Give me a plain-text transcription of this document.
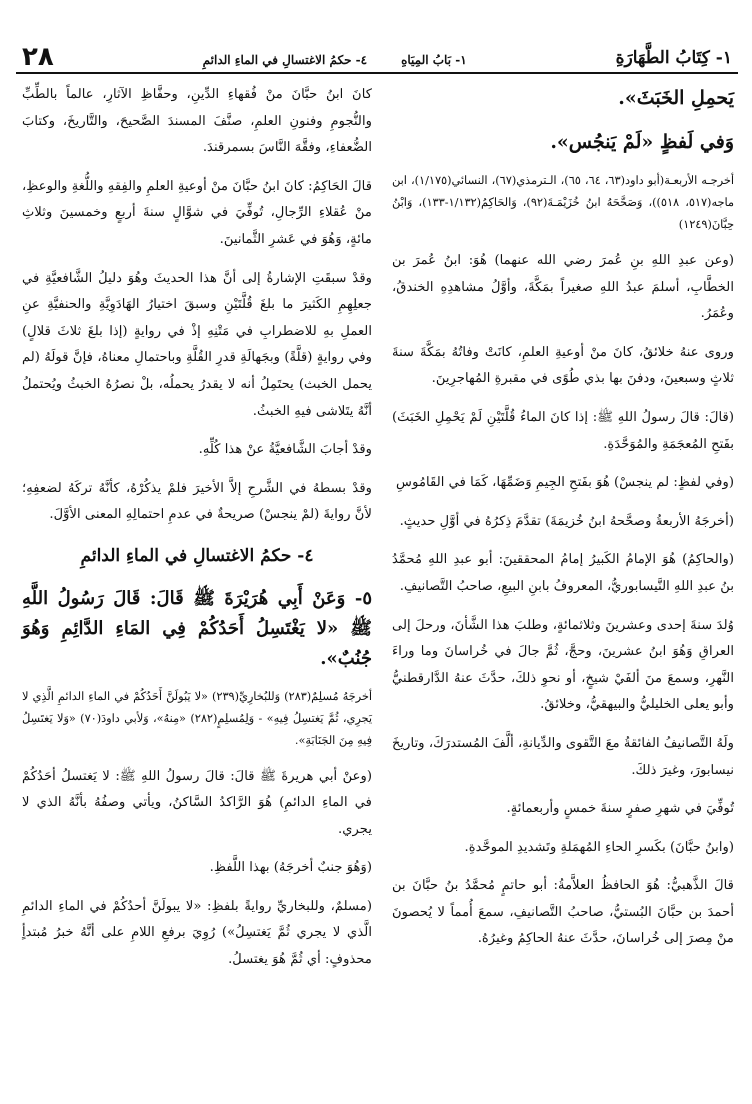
١- كِتَابُ الطَّهَارَةِ
١- بَابُ المِيَاهِ
٤- حكمُ الاغتسالِ في الماءِ الدائمِ
٢٨

يَحمِلِ الخَبَثَ».

وَفي لَفظٍ «لَمْ يَنجُس».

أخرجـه الأربعـة(أبو داود(٦٣، ٦٤، ٦٥)، الـترمذي(٦٧)، النسائي(١/١٧٥)، ابن ماجه(٥١٧، ٥١٨))، وَصَحَّحَهُ ابنُ خُزَيْمَـةَ(٩٢)، وَالحَاكِمُ(١/١٣٢-١٣٣)، وَابْنُ حِبَّانَ(١٢٤٩)

(وعن عبدِ اللهِ بنِ عُمرَ رضي الله عنهما) هُوَ: ابنُ عُمرَ بن الخطَّابِ، أسلمَ عبدُ اللهِ صغيراً بمَكَّةَ، وأوَّلُ مشاهدِهِ الخندقُ، وعُمَرُ.

وروى عنهُ خلائقُ، كانَ منْ أوعيةِ العلمِ، كانَتْ وفاتُهُ بمَكَّةَ سنةَ ثلاثٍ وسبعينَ، ودفنَ بها بذي طُوًى في مقبرةِ المُهاجرِينَ.

(قالَ: قالَ رسولُ اللهِ ﷺ: إذا كانَ الماءُ قُلَّتَيْنِ لَمْ يَحْمِلِ الخَبَثَ) بفَتحِ المُعجَمَةِ والمُوَحَّدَةِ.

(وفي لفظٍ: لم ينجسْ) هُوَ بفَتحِ الجِيمِ وَضَمِّهَا، كَمَا في القَامُوسِ

(أخرجَهُ الأربعةُ وصحَّحهُ ابنُ خُزيمَةَ) تقدَّمَ ذِكرُهُ في أوَّلِ حديثٍ.

(والحاكِمُ) هُوَ الإمامُ الكَبيرُ إمامُ المحققينَ: أبو عبدِ اللهِ مُحمَّدُ بنُ عبدِ اللهِ النَّيسابوريُّ، المعروفُ بابنِ البيعِ، صاحبُ التَّصانيفِ.

وُلدَ سنةَ إحدى وعشرينَ وثلاثمائةٍ، وطلبَ هذا الشَّأنَ، ورحلَ إلى العراقِ وَهُوَ ابنُ عشرينَ، وحجَّ، ثُمَّ جالَ في خُراسانَ وما وراءَ النَّهرِ، وسمعَ منَ ألفَيْ شيخٍ، أو نحوِ ذلكَ، حدَّثَ عنهُ الدَّارقطنيُّ وأبو يعلى الخليليُّ والبيهقيُّ، وخلائقُ.

ولَهُ التَّصانيفُ الفائقةُ معَ التَّقوى والدِّيانةِ، ألَّفَ المُستدرَكَ، وتاريخَ نيسابورَ، وغيرَ ذلكَ.

تُوفِّيَ في شهرِ صفرٍ سنةَ خمسٍ وأربعمائةٍ.

(وابنُ حبَّانَ) بكَسرِ الحاءِ المُهمَلةِ وتَشديدِ الموحَّدةِ.

قالَ الذَّهبيُّ: هُوَ الحافظُ العلاَّمةُ: أبو حاتمٍ مُحمَّدُ بنُ حبَّانَ بن أحمدَ بن حبَّانَ البُستيُّ، صاحبُ التَّصانيفِ، سمعَ أُمماً لا يُحصونَ منْ مِصرَ إلى خُراسانَ، حدَّثَ عنهُ الحاكِمُ وغيرُهُ.

كانَ ابنُ حبَّانَ منْ فُقهاءِ الدِّينِ، وحفَّاظِ الآثارِ، عالماً بالطِّبِّ والنُّجومِ وفنونِ العلمِ، صنَّفَ المسندَ الصَّحيحَ، والتَّاريخَ، وكتابَ الضُّعفاءِ، وفقَّهَ النَّاسَ بسمرقندَ.

قالَ الحَاكِمُ: كانَ ابنُ حبَّانَ منْ أوعيةِ العلمِ والفِقهِ واللُّغةِ والوعظِ، منْ عُقلاءِ الرِّجالِ، تُوفِّيَ في شوَّالٍ سنةَ أربعٍ وخمسينَ وثلاثِ مائةٍ، وَهُوَ في عَشرِ الثَّمانينَ.

وقدْ سبقَتِ الإشارةُ إلى أنَّ هذا الحديثَ وهُوَ دليلُ الشَّافعيَّةِ في جعلِهِمِ الكَثيرَ ما بلغَ قُلَّتَيْنِ وسبقَ اختيارُ الهَادَوِيَّةِ والحنفيَّةِ عنِ العملِ بهِ للاضطرابِ في مَتْنِهِ إذْ في روايةٍ (إذا بلغَ ثلاثَ قلالٍ) وفي روايةٍ (قلَّةً) وبجَهالَةِ قدرِ القُلَّةِ وباحتمالِ معناهُ، فإنَّ قولَهُ (لم يحمل الخبث) يحتَمِلُ أنه لا يقدرُ يحملُه، بلْ نصرُهُ الخبثُ ويُحتملُ أنَّهُ يتَلاشى فيهِ الخبثُ.

وقدْ أجابَ الشَّافعيَّةُ عنْ هذا كُلِّهِ.

وقدْ بسطهُ في الشَّرحِ إلاَّ الأخيرَ فلمْ يذكُرْهُ، كأنَّهُ تركَهُ لضعفِهِ؛ لأنَّ روايةَ (لمْ ينجسْ) صريحةٌ في عدمِ احتمالِهِ المعنى الأوَّلَ.

٤- حكمُ الاغتسالِ في الماءِ الدائمِ

٥- وَعَنْ أَبِي هُرَيْرَةَ ﷺ قَالَ: قَالَ رَسُولُ اللَّهِ ﷺ «لا يَغْتَسِلُ أَحَدُكُمْ فِي المَاءِ الدَّائِمِ وَهُوَ جُنُبٌ».

أخرجَهُ مُسلِمٌ(٢٨٣) وَللبُخارِيِّ(٢٣٩) «لا يَبُولَنَّ أَحَدُكُمْ في الماءِ الدائمِ الَّذِي لا يَجرِي، ثُمَّ يَغتسِلُ فِيهِ» - وَلِمُسلِمٍ(٢٨٢) «مِنهُ»، وَلأبي داودَ(٧٠) «وَلا يَغتَسِلُ فِيهِ مِنَ الجَنَابَةِ».

(وعنْ أبي هريرةَ ﷺ قالَ: قالَ رسولُ اللهِ ﷺ: لا يَغتسلُ أحَدُكُمْ في الماءِ الدائمِ) هُوَ الرَّاكدُ السَّاكنُ، ويأتي وصفُهُ بأنَّهُ الذي لا يجري.

(وَهُوَ جنبٌ أخرجَهُ) بهذا اللَّفظِ.

(مسلمٌ، وللبخاريِّ روايةً بلفظِ: «لا يبولَنَّ أحدُكُمْ في الماءِ الدائمِ الَّذي لا يجري ثُمَّ يَغتسِلُ») رُوِيَ برفعِ اللامِ على أنَّهُ خبرُ مُبتدأٍ محذوفٍ: أي ثُمَّ هُوَ يغتسلُ.
